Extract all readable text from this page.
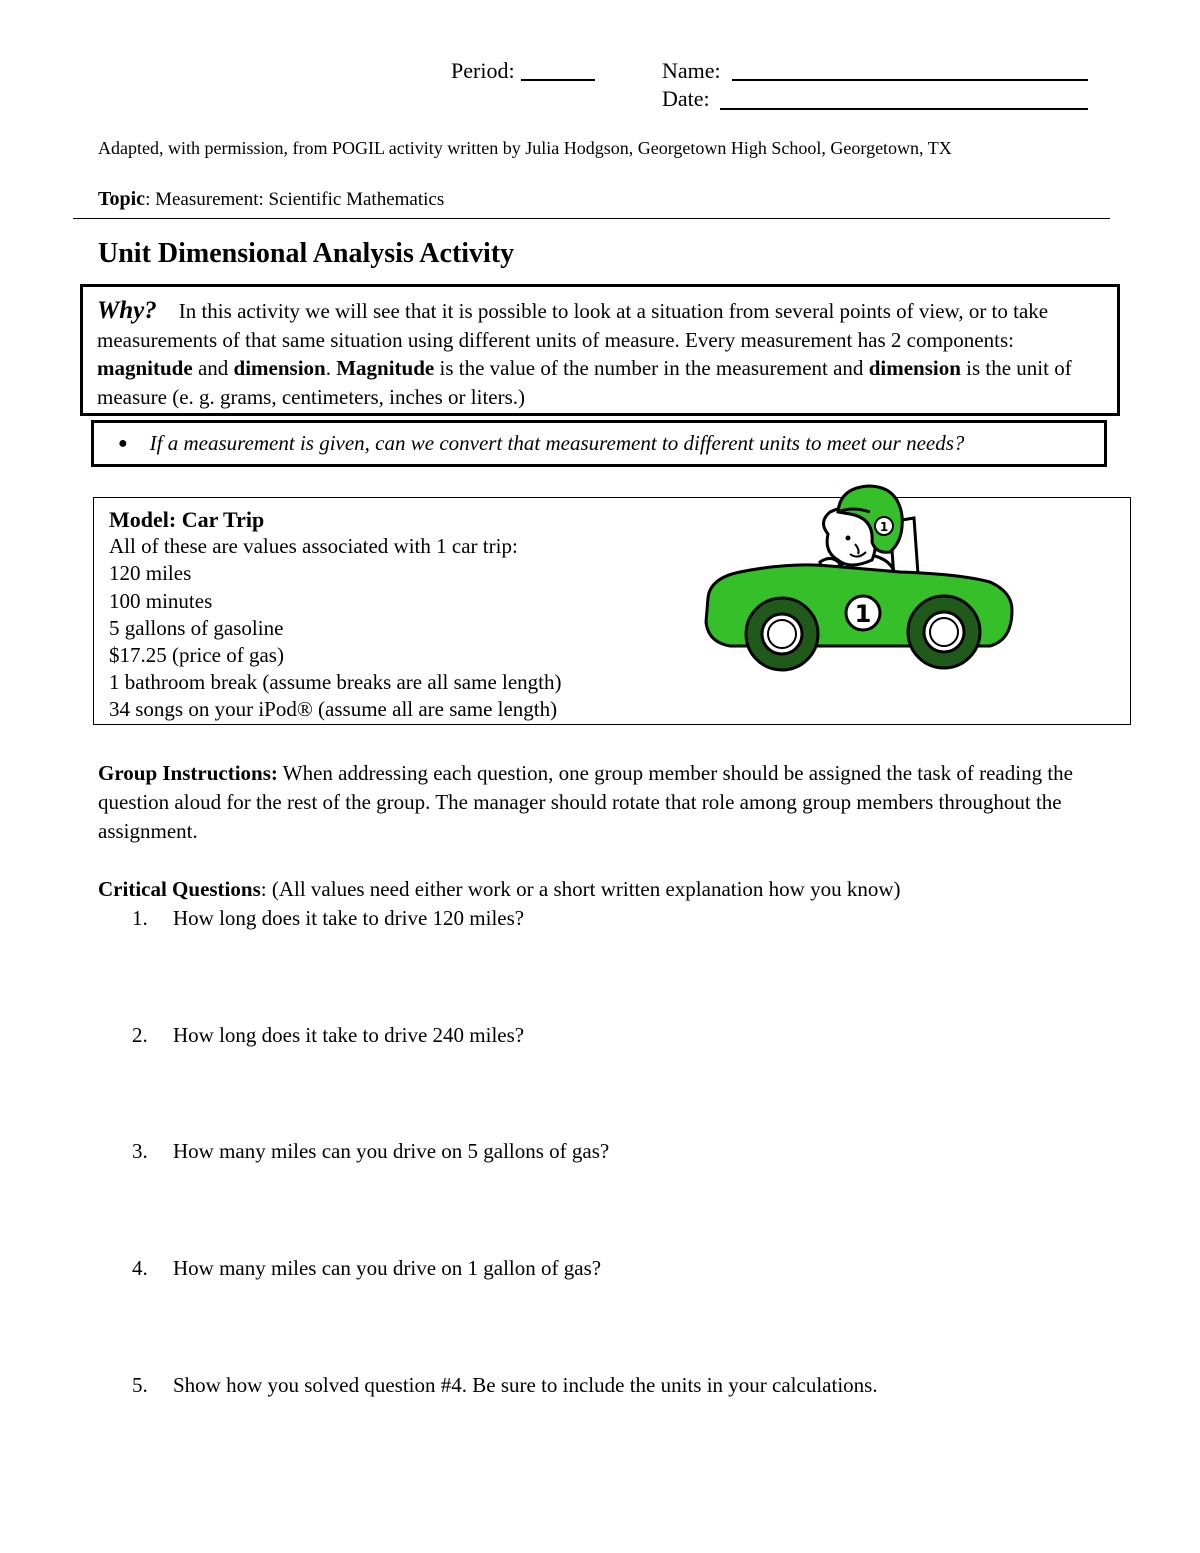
Period:	Name:
Date:
Adapted, with permission, from POGIL activity written by Julia Hodgson, Georgetown High School, Georgetown, TX
Topic: Measurement: Scientific Mathematics
Unit Dimensional Analysis Activity
Why? In this activity we will see that it is possible to look at a situation from several points of view, or to take measurements of that same situation using different units of measure. Every measurement has 2 components: magnitude and dimension. Magnitude is the value of the number in the measurement and dimension is the unit of measure (e. g. grams, centimeters, inches or liters.)
● If a measurement is given, can we convert that measurement to different units to meet our needs?
Model: Car Trip
All of these are values associated with 1 car trip:
120 miles
100 minutes
5 gallons of gasoline
$17.25 (price of gas)
1 bathroom break (assume breaks are all same length)
34 songs on your iPod® (assume all are same length)
1
1
Group Instructions: When addressing each question, one group member should be assigned the task of reading the question aloud for the rest of the group. The manager should rotate that role among group members throughout the assignment.
Critical Questions: (All values need either work or a short written explanation how you know)
1. How long does it take to drive 120 miles?
2. How long does it take to drive 240 miles?
3. How many miles can you drive on 5 gallons of gas?
4. How many miles can you drive on 1 gallon of gas?
5. Show how you solved question #4. Be sure to include the units in your calculations.
